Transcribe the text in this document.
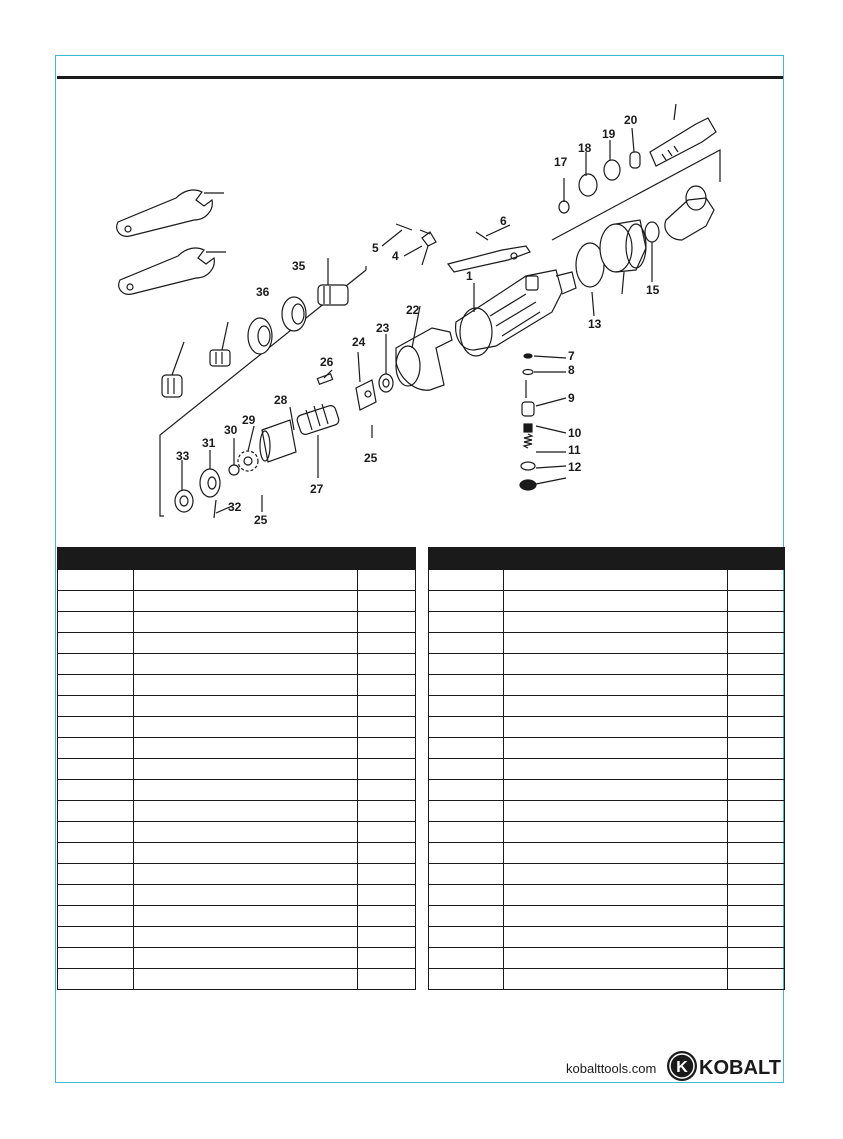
1
4
5
6
7
8
9
10
11
12
13
15
17
18
19
20
22
23
24
25
25
26
27
28
29
30
31
32
33
35
36

kobalttools.com K KOBALT
